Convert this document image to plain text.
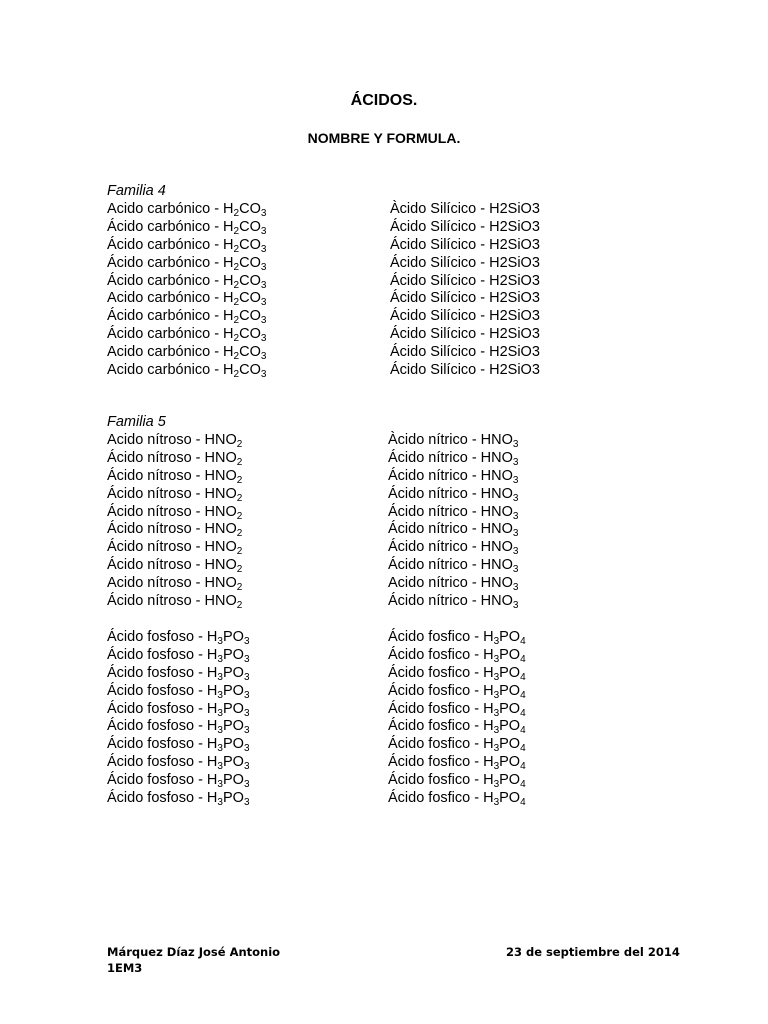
ÁCIDOS.
NOMBRE Y FORMULA.
Familia 4
Acido carbónico - $H_2CO_3$
Ácido carbónico - $H_2CO_3$
Ácido carbónico - $H_2CO_3$
Ácido carbónico - $H_2CO_3$
Ácido carbónico - $H_2CO_3$
Acido carbónico - $H_2CO_3$
Ácido carbónico - $H_2CO_3$
Ácido carbónico - $H_2CO_3$
Acido carbónico - $H_2CO_3$
Acido carbónico - $H_2CO_3$
Àcido Silícico - H2SiO3
Ácido Silícico - H2SiO3
Ácido Silícico - H2SiO3
Ácido Silícico - H2SiO3
Ácido Silícico - H2SiO3
Ácido Silícico - H2SiO3
Ácido Silícico - H2SiO3
Ácido Silícico - H2SiO3
Ácido Silícico - H2SiO3
Ácido Silícico - H2SiO3
Familia 5
Acido nítroso - $HNO_2$
Ácido nítroso - $HNO_2$
Ácido nítroso - $HNO_2$
Ácido nítroso - $HNO_2$
Ácido nítroso - $HNO_2$
Ácido nítroso - $HNO_2$
Ácido nítroso - $HNO_2$
Ácido nítroso - $HNO_2$
Acido nítroso - $HNO_2$
Ácido nítroso - $HNO_2$
Àcido nítrico - $HNO_3$
Ácido nítrico - $HNO_3$
Ácido nítrico - $HNO_3$
Ácido nítrico - $HNO_3$
Ácido nítrico - $HNO_3$
Ácido nítrico - $HNO_3$
Ácido nítrico - $HNO_3$
Ácido nítrico - $HNO_3$
Acido nítrico - $HNO_3$
Ácido nítrico - $HNO_3$
Ácido fosfoso - $H_3PO_3$
Ácido fosfoso - $H_3PO_3$
Ácido fosfoso - $H_3PO_3$
Ácido fosfoso - $H_3PO_3$
Ácido fosfoso - $H_3PO_3$
Ácido fosfoso - $H_3PO_3$
Ácido fosfoso - $H_3PO_3$
Ácido fosfoso - $H_3PO_3$
Ácido fosfoso - $H_3PO_3$
Ácido fosfoso - $H_3PO_3$
Ácido fosfico - $H_3PO_4$
Ácido fosfico - $H_3PO_4$
Ácido fosfico - $H_3PO_4$
Ácido fosfico - $H_3PO_4$
Ácido fosfico - $H_3PO_4$
Ácido fosfico - $H_3PO_4$
Ácido fosfico - $H_3PO_4$
Ácido fosfico - $H_3PO_4$
Ácido fosfico - $H_3PO_4$
Ácido fosfico - $H_3PO_4$
Márquez Díaz José Antonio
1EM3
23 de septiembre del 2014
